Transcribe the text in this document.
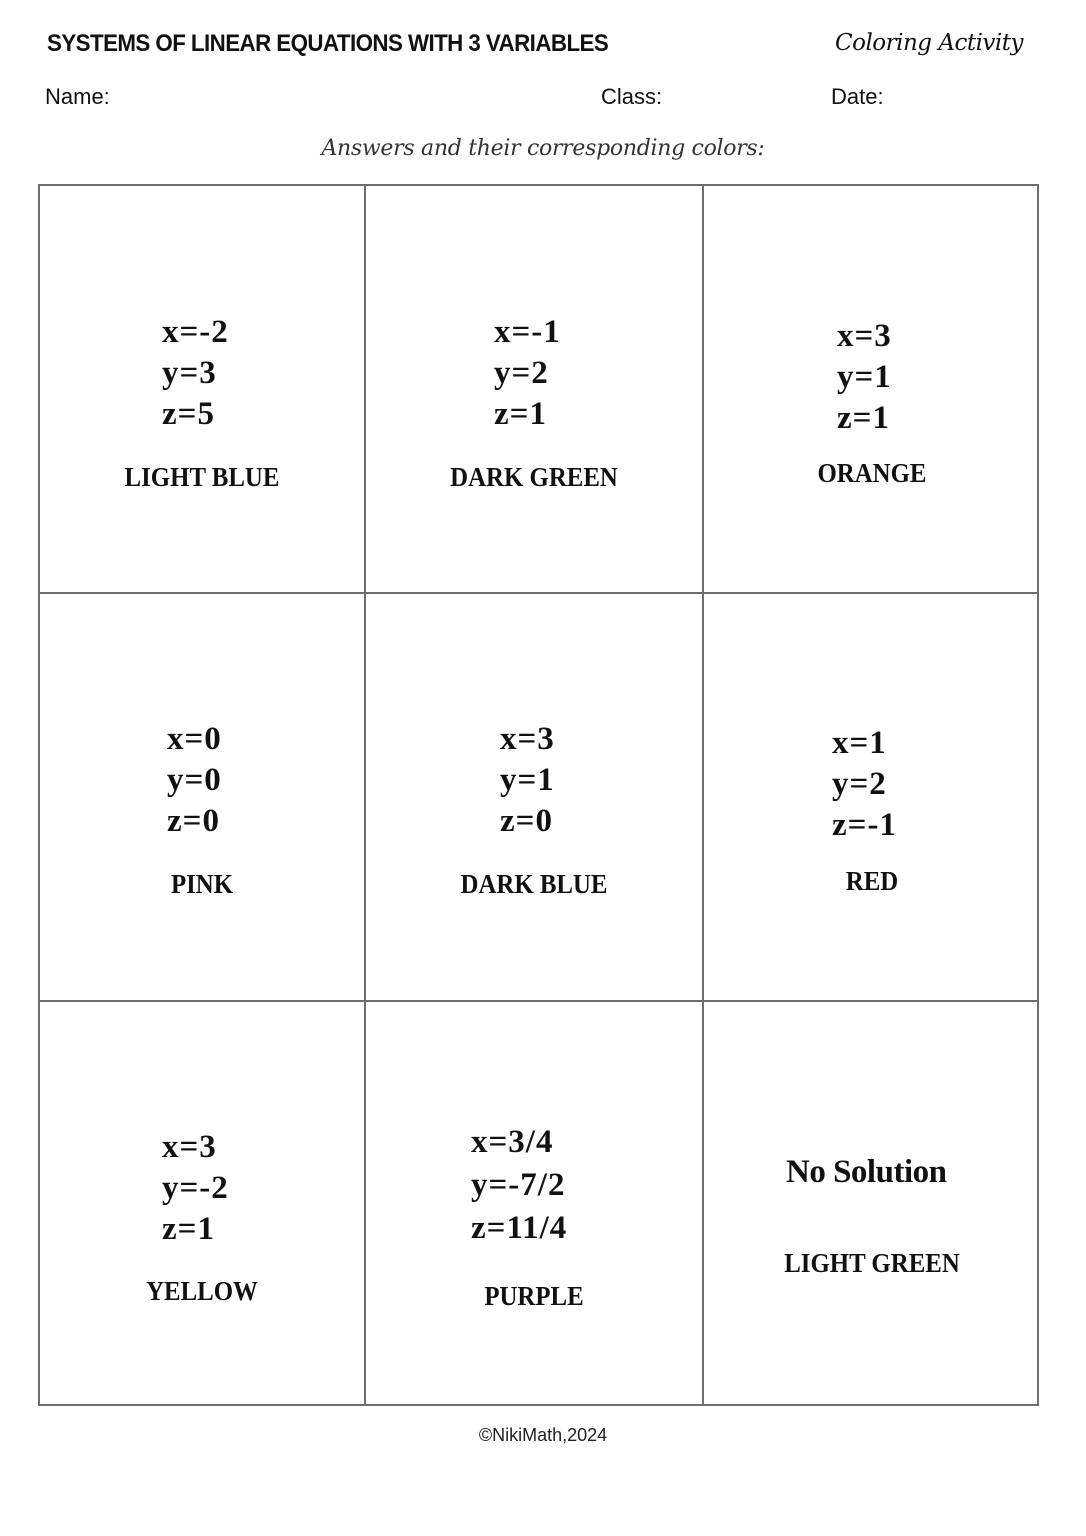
SYSTEMS OF LINEAR EQUATIONS WITH 3 VARIABLES	Coloring Activity
Name:	Class:	Date:
Answers and their corresponding colors:
x=-2
y=3
z=5
LIGHT BLUE
x=-1
y=2
z=1
DARK GREEN
x=3
y=1
z=1
ORANGE
x=0
y=0
z=0
PINK
x=3
y=1
z=0
DARK BLUE
x=1
y=2
z=-1
RED
x=3
y=-2
z=1
YELLOW
x=3/4
y=-7/2
z=11/4
PURPLE
No Solution
LIGHT GREEN
©NikiMath,2024
